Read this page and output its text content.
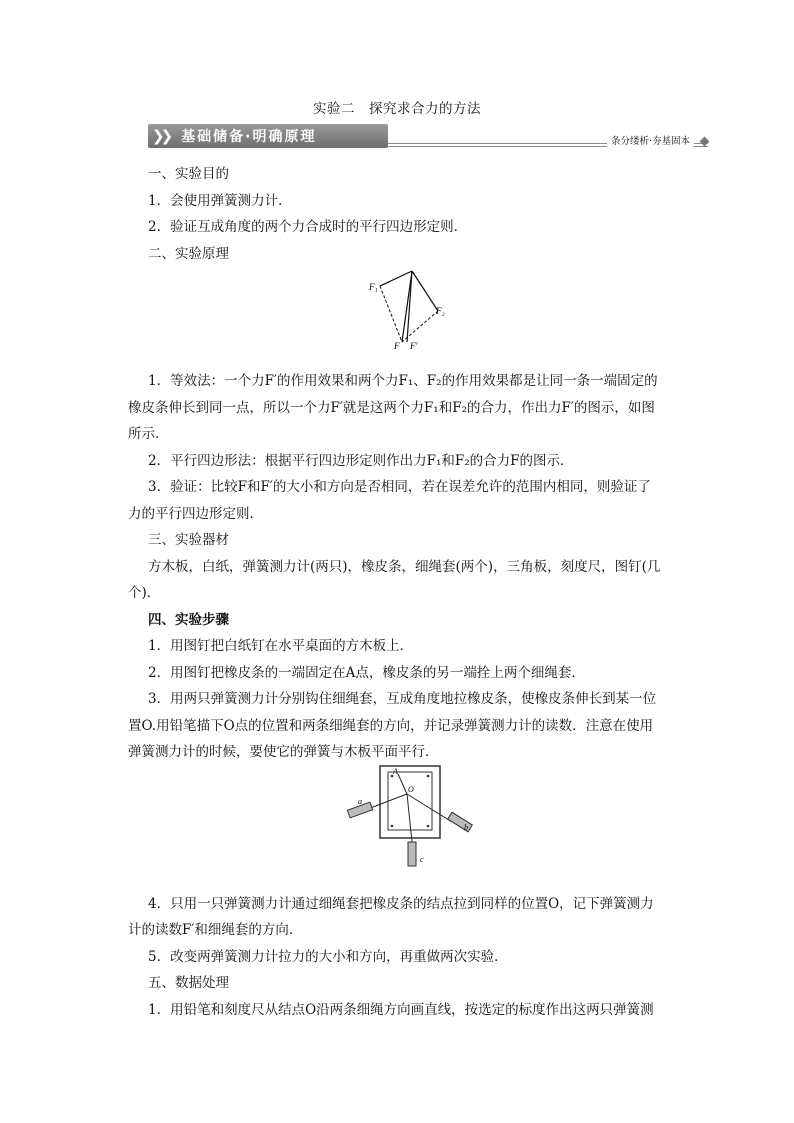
实验二　探究求合力的方法
❯❯ 基础储备·明确原理	条分缕析·夯基固本

一、实验目的

1．会使用弹簧测力计．

2．验证互成角度的两个力合成时的平行四边形定则．

二、实验原理

1．等效法：一个力F′的作用效果和两个力F₁、F₂的作用效果都是让同一条一端固定的

橡皮条伸长到同一点，所以一个力F′就是这两个力F₁和F₂的合力，作出力F′的图示，如图

所示．

2．平行四边形法：根据平行四边形定则作出力F₁和F₂的合力F的图示．

3．验证：比较F和F′的大小和方向是否相同，若在误差允许的范围内相同，则验证了

力的平行四边形定则．

三、实验器材

方木板，白纸，弹簧测力计(两只)，橡皮条，细绳套(两个)，三角板，刻度尺，图钉(几

个)．

四、实验步骤

1．用图钉把白纸钉在水平桌面的方木板上．

2．用图钉把橡皮条的一端固定在A点，橡皮条的另一端拴上两个细绳套．

3．用两只弹簧测力计分别钩住细绳套，互成角度地拉橡皮条，使橡皮条伸长到某一位

置O.用铅笔描下O点的位置和两条细绳套的方向，并记录弹簧测力计的读数．注意在使用

弹簧测力计的时候，要使它的弹簧与木板平面平行．

4．只用一只弹簧测力计通过细绳套把橡皮条的结点拉到同样的位置O，记下弹簧测力

计的读数F′和细绳套的方向．

5．改变两弹簧测力计拉力的大小和方向，再重做两次实验．

五、数据处理

1．用铅笔和刻度尺从结点O沿两条细绳方向画直线，按选定的标度作出这两只弹簧测

F₁
F₂
F F′
a
b
c
A
O
